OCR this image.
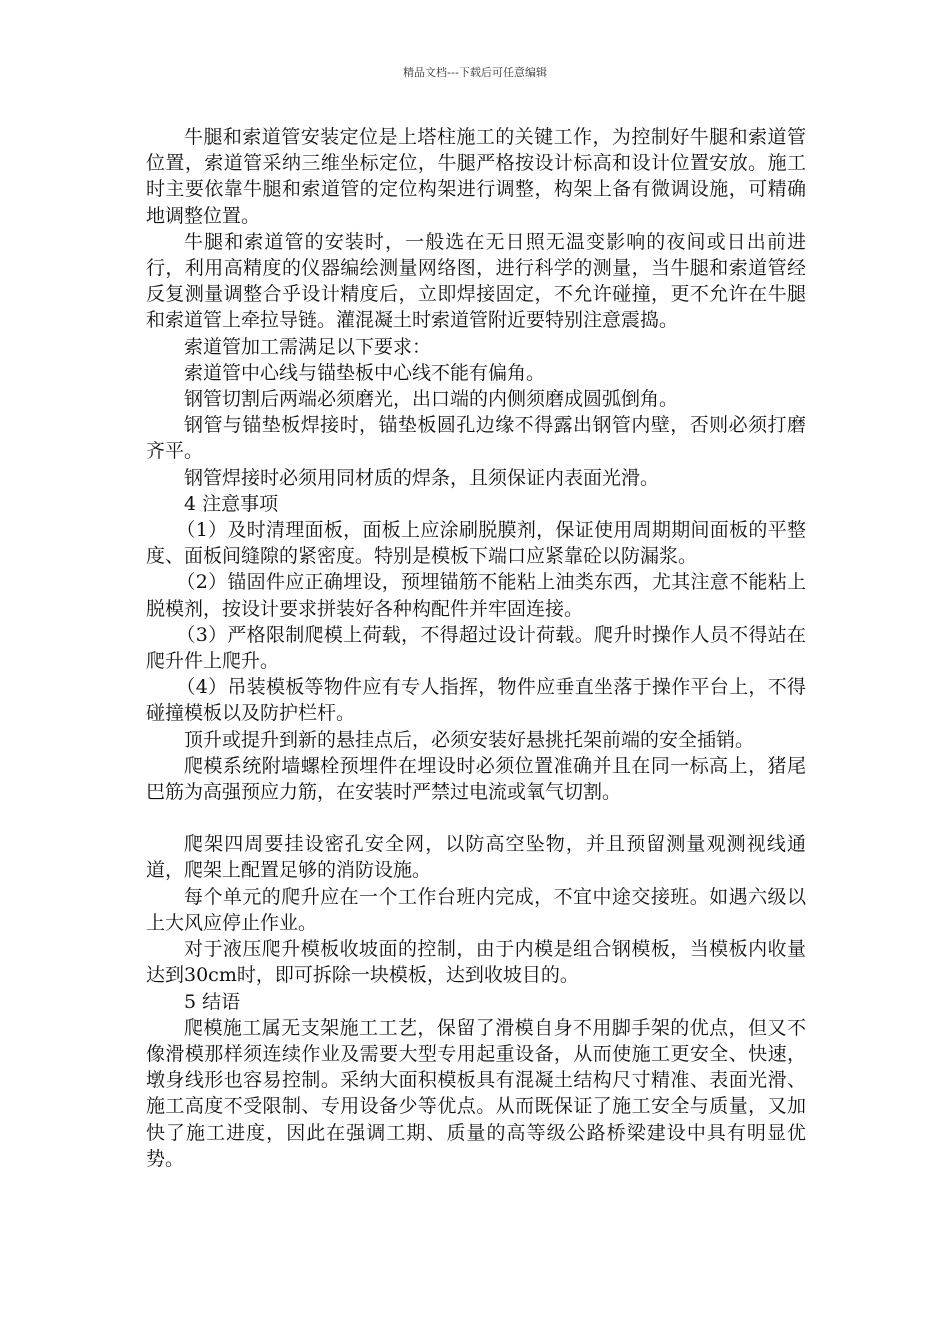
精品文档---下载后可任意编辑

牛腿和索道管安装定位是上塔柱施工的关键工作，为控制好牛腿和索道管位置，索道管采纳三维坐标定位，牛腿严格按设计标高和设计位置安放。施工时主要依靠牛腿和索道管的定位构架进行调整，构架上备有微调设施，可精确地调整位置。

牛腿和索道管的安装时，一般选在无日照无温变影响的夜间或日出前进行，利用高精度的仪器编绘测量网络图，进行科学的测量，当牛腿和索道管经反复测量调整合乎设计精度后，立即焊接固定，不允许碰撞，更不允许在牛腿和索道管上牵拉导链。灌混凝土时索道管附近要特别注意震捣。

索道管加工需满足以下要求：

索道管中心线与锚垫板中心线不能有偏角。

钢管切割后两端必须磨光，出口端的内侧须磨成圆弧倒角。

钢管与锚垫板焊接时，锚垫板圆孔边缘不得露出钢管内壁，否则必须打磨齐平。

钢管焊接时必须用同材质的焊条，且须保证内表面光滑。

4 注意事项

（1）及时清理面板，面板上应涂刷脱膜剂，保证使用周期期间面板的平整度、面板间缝隙的紧密度。特别是模板下端口应紧靠砼以防漏浆。

（2）锚固件应正确埋设，预埋锚筋不能粘上油类东西，尤其注意不能粘上脱模剂，按设计要求拼装好各种构配件并牢固连接。

（3）严格限制爬模上荷载，不得超过设计荷载。爬升时操作人员不得站在爬升件上爬升。

（4）吊装模板等物件应有专人指挥，物件应垂直坐落于操作平台上，不得碰撞模板以及防护栏杆。

顶升或提升到新的悬挂点后，必须安装好悬挑托架前端的安全插销。

爬模系统附墙螺栓预埋件在埋设时必须位置准确并且在同一标高上，猪尾巴筋为高强预应力筋，在安装时严禁过电流或氧气切割。

爬架四周要挂设密孔安全网，以防高空坠物，并且预留测量观测视线通道，爬架上配置足够的消防设施。

每个单元的爬升应在一个工作台班内完成，不宜中途交接班。如遇六级以上大风应停止作业。

对于液压爬升模板收坡面的控制，由于内模是组合钢模板，当模板内收量达到30cm时，即可拆除一块模板，达到收坡目的。

5 结语

爬模施工属无支架施工工艺，保留了滑模自身不用脚手架的优点，但又不像滑模那样须连续作业及需要大型专用起重设备，从而使施工更安全、快速，墩身线形也容易控制。采纳大面积模板具有混凝土结构尺寸精准、表面光滑、施工高度不受限制、专用设备少等优点。从而既保证了施工安全与质量，又加快了施工进度，因此在强调工期、质量的高等级公路桥梁建设中具有明显优势。
